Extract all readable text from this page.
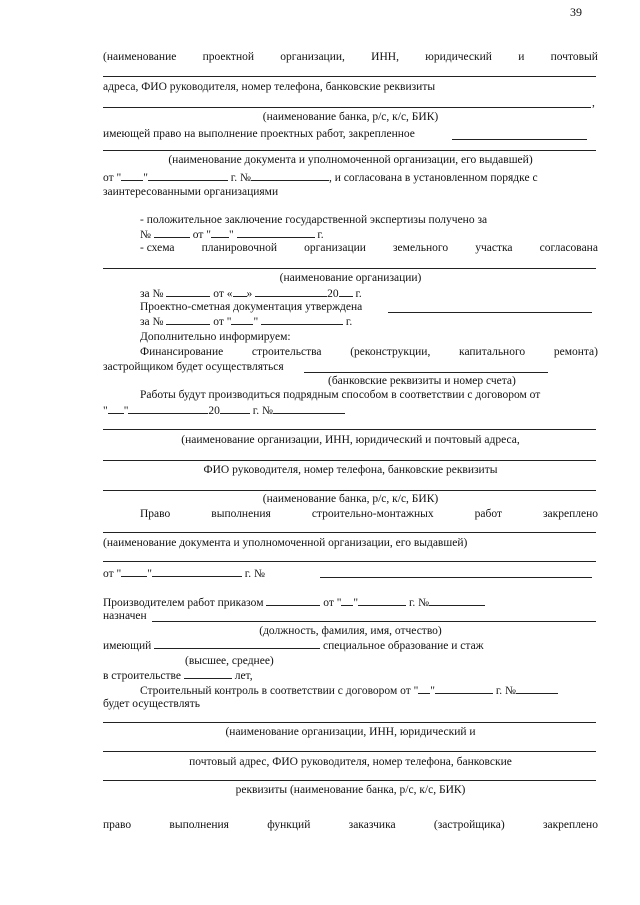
39
(наименование проектной организации, ИНН, юридический и почтовый
адреса, ФИО руководителя, номер телефона, банковские реквизиты
,
(наименование банка, р/с, к/с, БИК)
имеющей право на выполнение проектных работ, закрепленное
(наименование документа и уполномоченной организации, его выдавшей)
от " "	г. №	, и согласована в установленном порядке с
заинтересованными организациями
- положительное заключение государственной экспертизы получено за
№	от " "	г.
- схема планировочной организации земельного участка согласована
(наименование организации)
за №	от « »	20 г.
Проектно-сметная документация утверждена
за №	от " "	г.
Дополнительно информируем:
Финансирование строительства (реконструкции, капитального ремонта)
застройщиком будет осуществляться
(банковские реквизиты и номер счета)
Работы будут производиться подрядным способом в соответствии с договором от
" "	20	г. №
(наименование организации, ИНН, юридический и почтовый адреса,
ФИО руководителя, номер телефона, банковские реквизиты
(наименование банка, р/с, к/с, БИК)
Право	выполнения	строительно-монтажных	работ	закреплено
(наименование документа и уполномоченной организации, его выдавшей)
от " "	г. №
Производителем работ приказом	от " "	г. №
назначен
(должность, фамилия, имя, отчество)
имеющий	специальное образование и стаж
(высшее, среднее)
в строительстве	лет,
Строительный контроль в соответствии с договором от " "	г. №
будет осуществлять
(наименование организации, ИНН, юридический и
почтовый адрес, ФИО руководителя, номер телефона, банковские
реквизиты (наименование банка, р/с, к/с, БИК)
право	выполнения	функций	заказчика	(застройщика)	закреплено
